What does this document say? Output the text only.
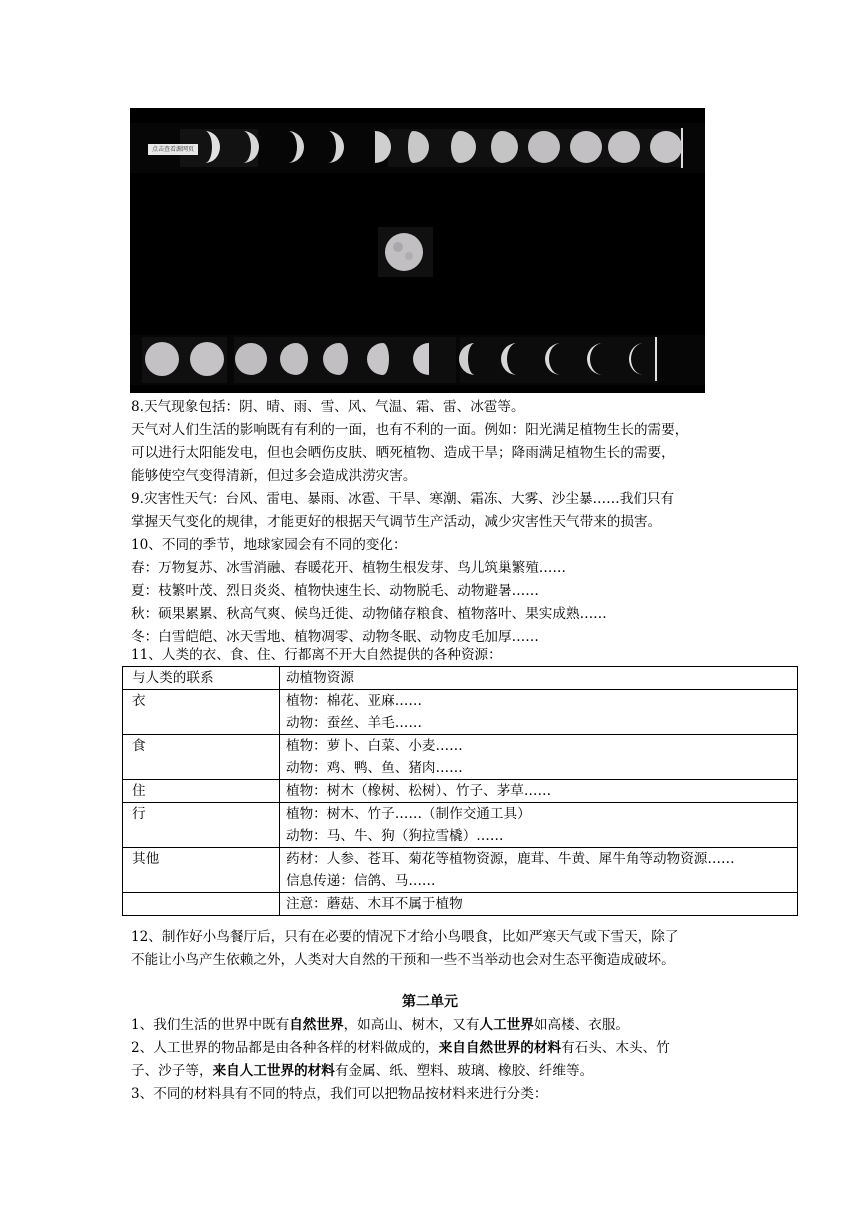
点击查看源网页
8.天气现象包括：阴、晴、雨、雪、风、气温、霜、雷、冰雹等。
天气对人们生活的影响既有有利的一面，也有不利的一面。例如：阳光满足植物生长的需要，
可以进行太阳能发电，但也会晒伤皮肤、晒死植物、造成干旱；降雨满足植物生长的需要，
能够使空气变得清新，但过多会造成洪涝灾害。
9.灾害性天气：台风、雷电、暴雨、冰雹、干旱、寒潮、霜冻、大雾、沙尘暴……我们只有
掌握天气变化的规律，才能更好的根据天气调节生产活动，减少灾害性天气带来的损害。
10、不同的季节，地球家园会有不同的变化：
春：万物复苏、冰雪消融、春暖花开、植物生根发芽、鸟儿筑巢繁殖……
夏：枝繁叶茂、烈日炎炎、植物快速生长、动物脱毛、动物避暑……
秋：硕果累累、秋高气爽、候鸟迁徙、动物储存粮食、植物落叶、果实成熟……
冬：白雪皑皑、冰天雪地、植物凋零、动物冬眠、动物皮毛加厚……
11、人类的衣、食、住、行都离不开大自然提供的各种资源：
与人类的联系	动植物资源
衣	植物：棉花、亚麻……
动物：蚕丝、羊毛……

食	植物：萝卜、白菜、小麦……
动物：鸡、鸭、鱼、猪肉……

住	植物：树木（橡树、松树）、竹子、茅草……

行	植物：树木、竹子……（制作交通工具）
动物：马、牛、狗（狗拉雪橇）……

其他	药材：人参、苍耳、菊花等植物资源，鹿茸、牛黄、犀牛角等动物资源……
信息传递：信鸽、马……

	注意：蘑菇、木耳不属于植物
12、制作好小鸟餐厅后，只有在必要的情况下才给小鸟喂食，比如严寒天气或下雪天，除了
不能让小鸟产生依赖之外，人类对大自然的干预和一些不当举动也会对生态平衡造成破坏。
第二单元
1、我们生活的世界中既有自然世界，如高山、树木，又有人工世界如高楼、衣服。
2、人工世界的物品都是由各种各样的材料做成的，来自自然世界的材料有石头、木头、竹
子、沙子等，来自人工世界的材料有金属、纸、塑料、玻璃、橡胶、纤维等。
3、不同的材料具有不同的特点，我们可以把物品按材料来进行分类：
